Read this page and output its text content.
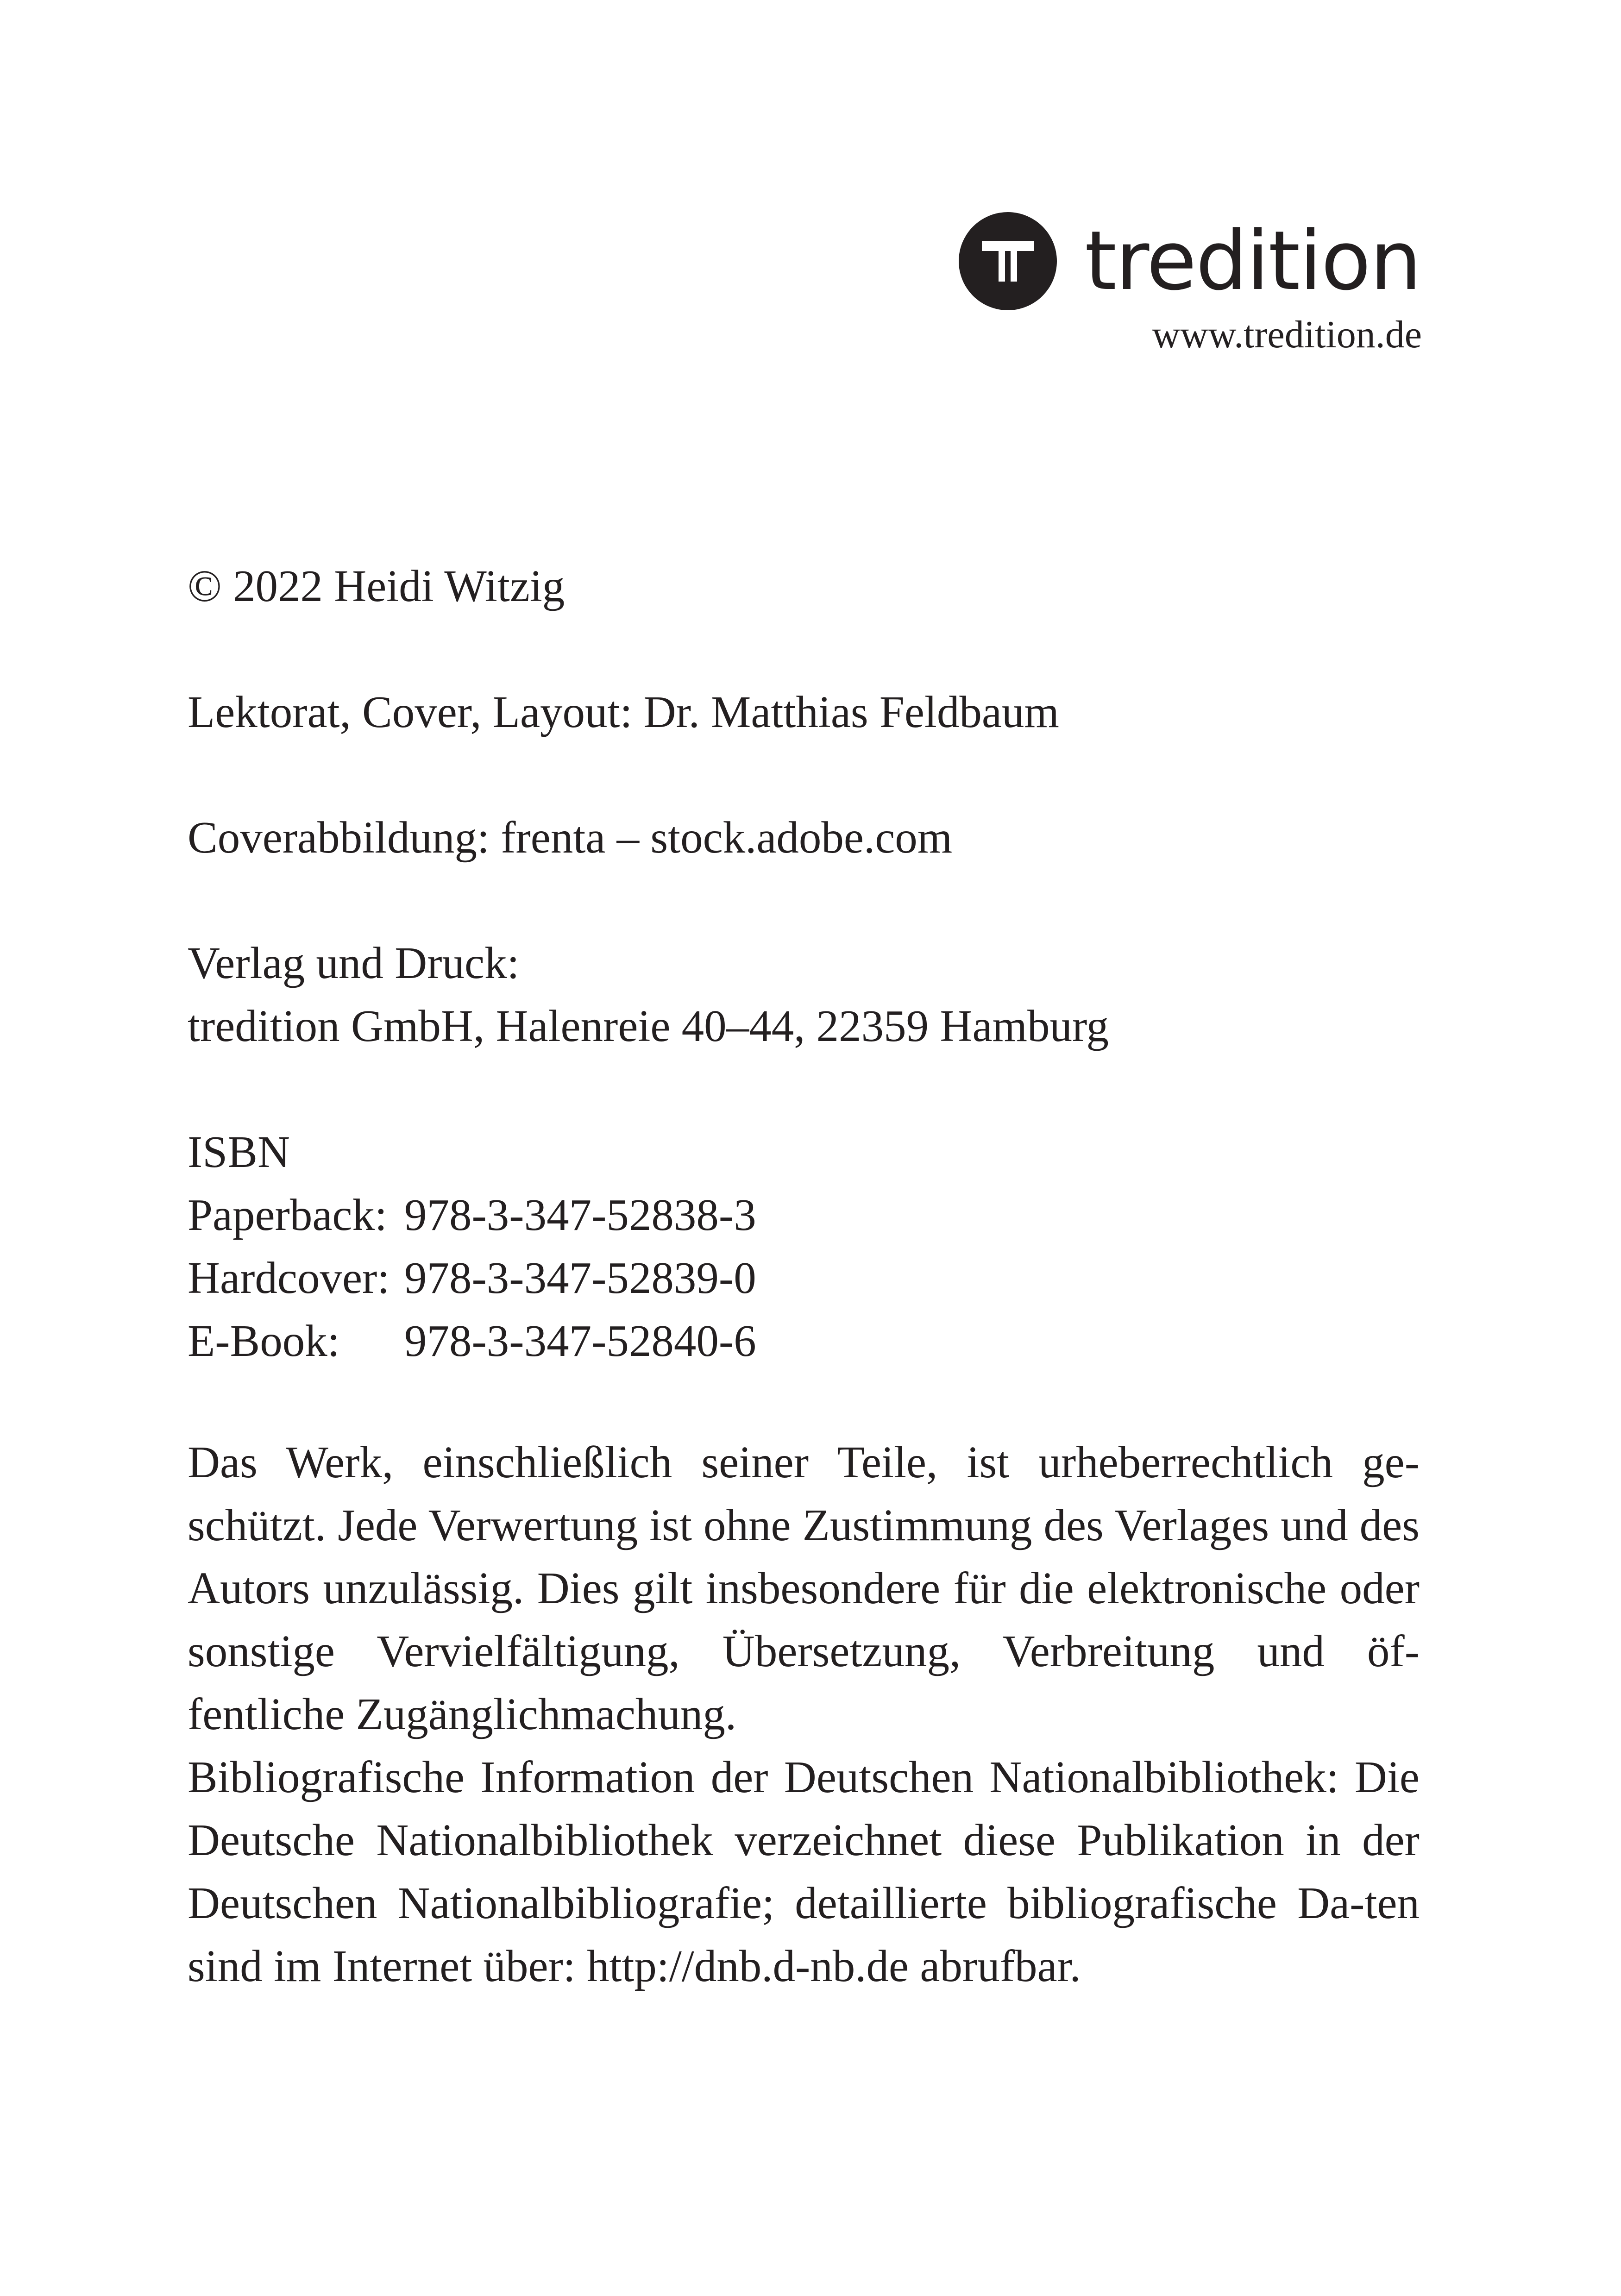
tredition
www.tredition.de
© 2022 Heidi Witzig
Lektorat, Cover, Layout: Dr. Matthias Feldbaum
Coverabbildung: frenta – stock.adobe.com
Verlag und Druck:
tredition GmbH, Halenreie 40–44, 22359 Hamburg
ISBN
Paperback: 978-3-347-52838-3
Hardcover: 978-3-347-52839-0
E-Book: 978-3-347-52840-6

Das Werk, einschließlich seiner Teile, ist urheberrechtlich ge-schützt. Jede Verwertung ist ohne Zustimmung des Verlages und des Autors unzulässig. Dies gilt insbesondere für die elektronische oder sonstige Vervielfältigung, Übersetzung, Verbreitung und öf-fentliche Zugänglichmachung.

Bibliografische Information der Deutschen Nationalbibliothek: Die Deutsche Nationalbibliothek verzeichnet diese Publikation in der Deutschen Nationalbibliografie; detaillierte bibliografische Da-ten sind im Internet über: http://dnb.d-nb.de abrufbar.
